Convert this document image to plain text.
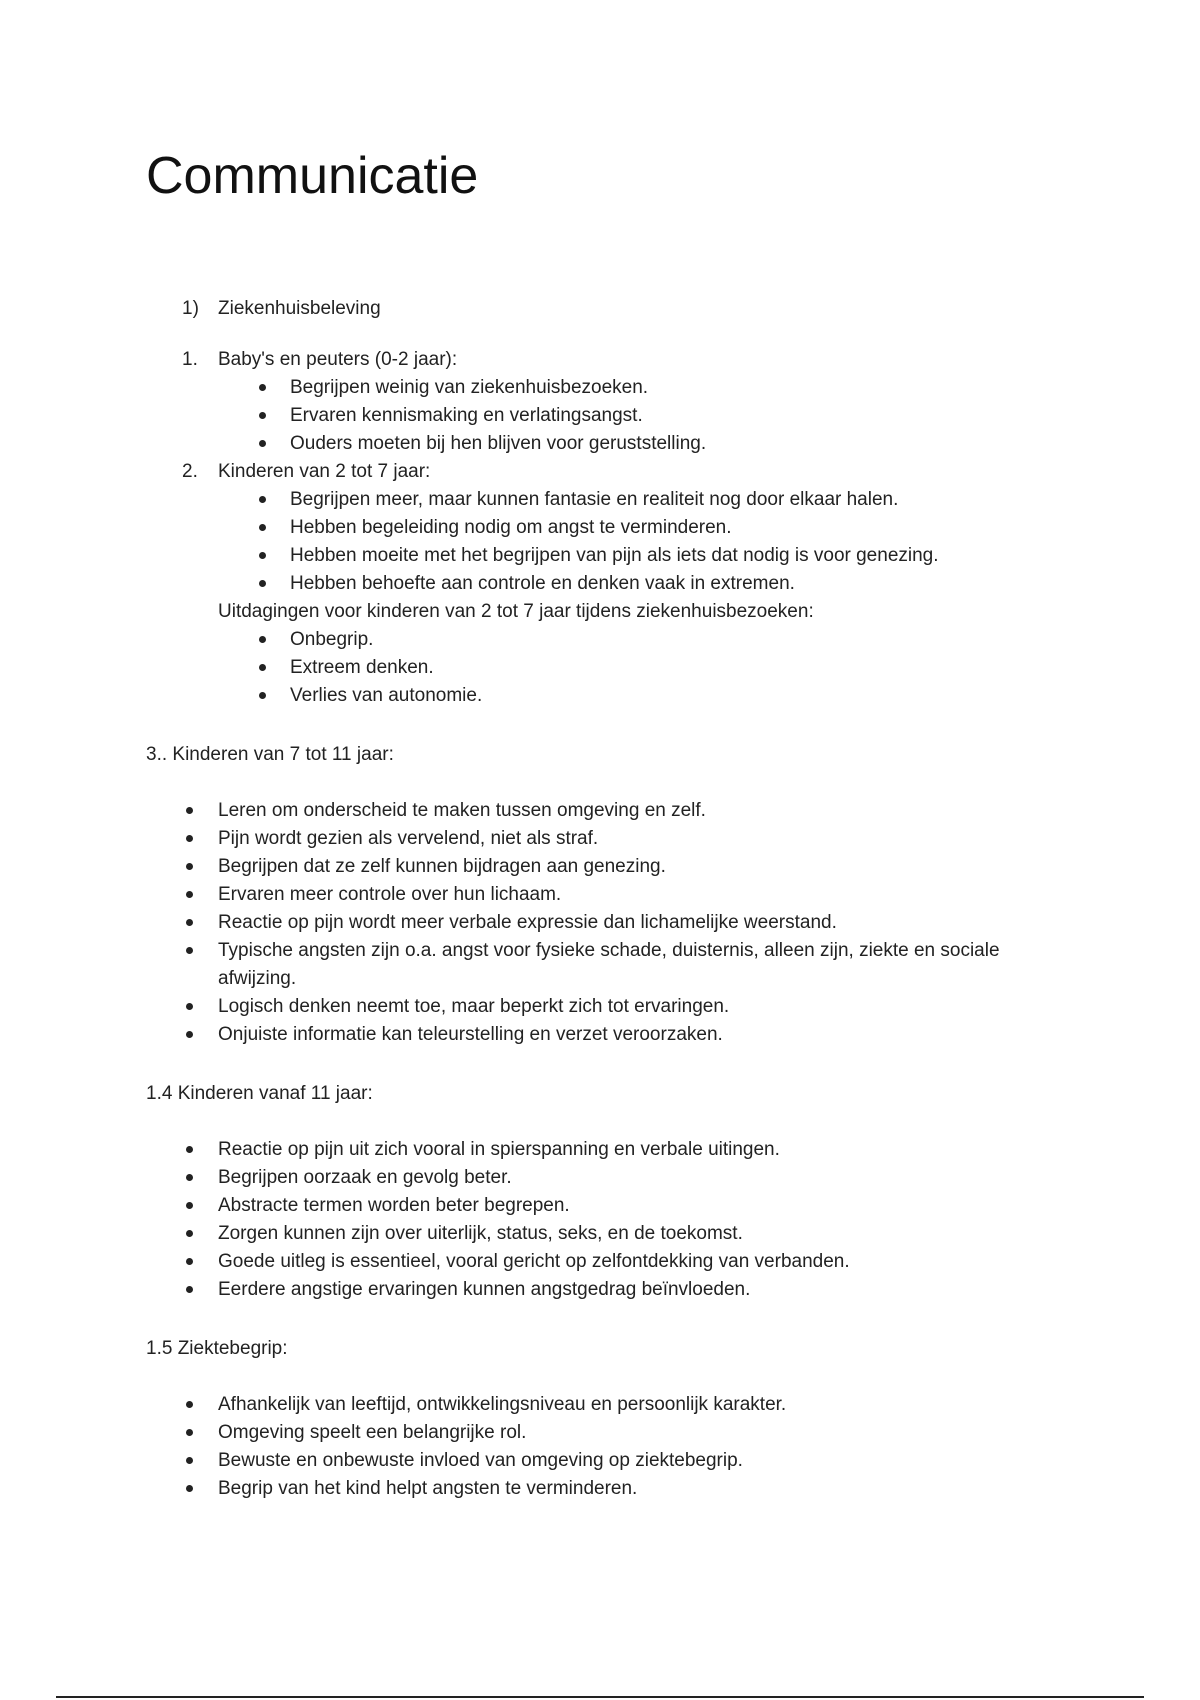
Communicatie
1) Ziekenhuisbeleving
1. Baby's en peuters (0-2 jaar):
Begrijpen weinig van ziekenhuisbezoeken.
Ervaren kennismaking en verlatingsangst.
Ouders moeten bij hen blijven voor geruststelling.
2. Kinderen van 2 tot 7 jaar:
Begrijpen meer, maar kunnen fantasie en realiteit nog door elkaar halen.
Hebben begeleiding nodig om angst te verminderen.
Hebben moeite met het begrijpen van pijn als iets dat nodig is voor genezing.
Hebben behoefte aan controle en denken vaak in extremen.
Uitdagingen voor kinderen van 2 tot 7 jaar tijdens ziekenhuisbezoeken:
Onbegrip.
Extreem denken.
Verlies van autonomie.
3.. Kinderen van 7 tot 11 jaar:
Leren om onderscheid te maken tussen omgeving en zelf.
Pijn wordt gezien als vervelend, niet als straf.
Begrijpen dat ze zelf kunnen bijdragen aan genezing.
Ervaren meer controle over hun lichaam.
Reactie op pijn wordt meer verbale expressie dan lichamelijke weerstand.
Typische angsten zijn o.a. angst voor fysieke schade, duisternis, alleen zijn, ziekte en sociale
afwijzing.
Logisch denken neemt toe, maar beperkt zich tot ervaringen.
Onjuiste informatie kan teleurstelling en verzet veroorzaken.
1.4 Kinderen vanaf 11 jaar:
Reactie op pijn uit zich vooral in spierspanning en verbale uitingen.
Begrijpen oorzaak en gevolg beter.
Abstracte termen worden beter begrepen.
Zorgen kunnen zijn over uiterlijk, status, seks, en de toekomst.
Goede uitleg is essentieel, vooral gericht op zelfontdekking van verbanden.
Eerdere angstige ervaringen kunnen angstgedrag beïnvloeden.
1.5 Ziektebegrip:
Afhankelijk van leeftijd, ontwikkelingsniveau en persoonlijk karakter.
Omgeving speelt een belangrijke rol.
Bewuste en onbewuste invloed van omgeving op ziektebegrip.
Begrip van het kind helpt angsten te verminderen.
